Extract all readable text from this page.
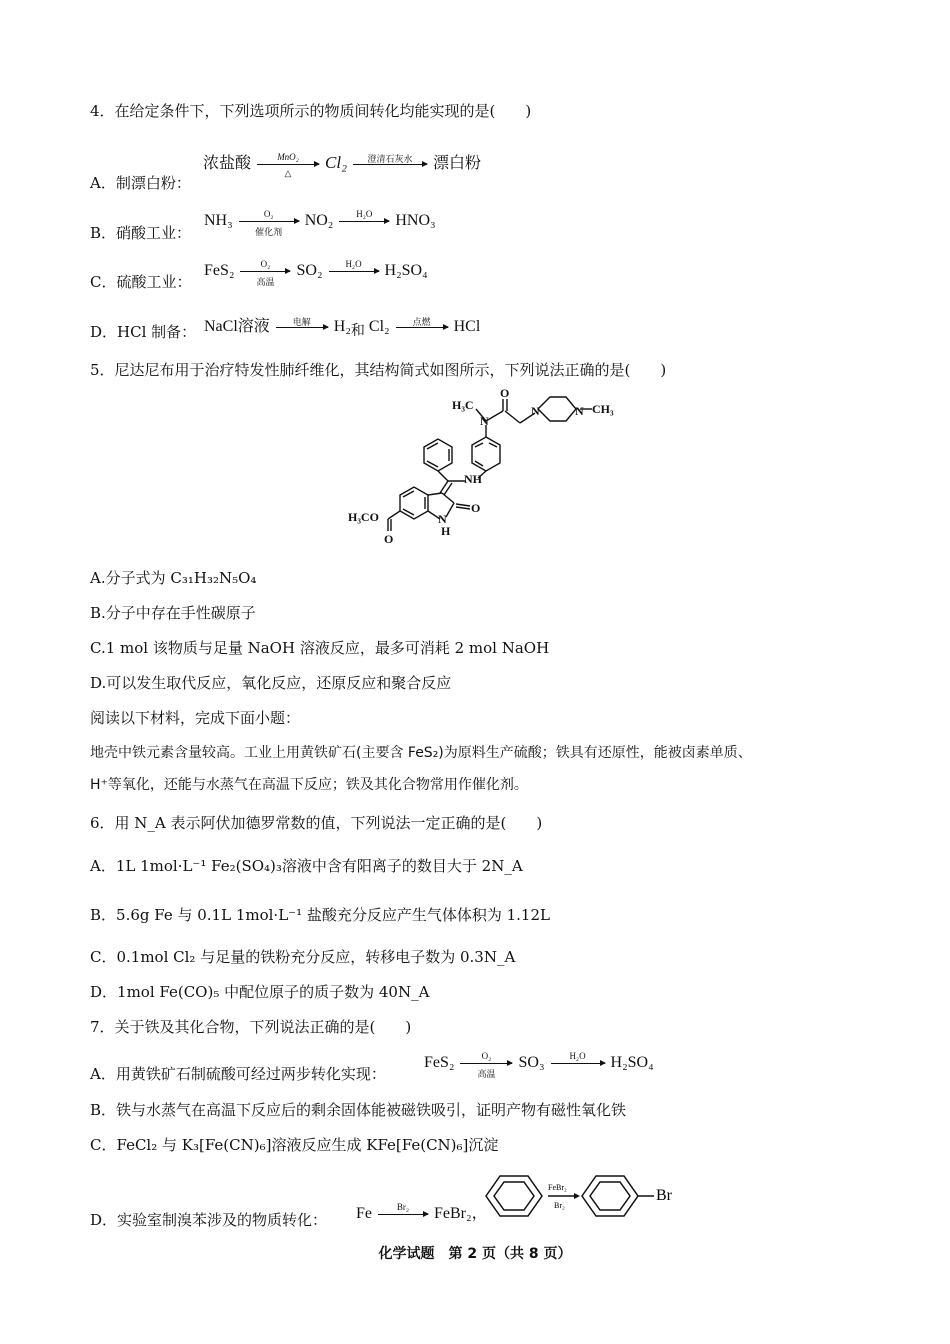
4．在给定条件下，下列选项所示的物质间转化均能实现的是(　　)
A．制漂白粉：
浓盐酸	MnO₂
△
Cl₂	澄清石灰水	漂白粉
B．硝酸工业：
NH₃	O₂
催化剂
NO₂	H₂O	HNO₃
C．硫酸工业：
FeS₂	O₂
高温
SO₂	H₂O	H₂SO₄
D．HCl 制备： NaCl溶液	电解	H₂和 Cl₂	点燃	HCl
5．尼达尼布用于治疗特发性肺纤维化，其结构简式如图所示，下列说法正确的是(　　)
H₃C
N
O
N	N CH₃
NH
H₃CO
O
N
H
O
A.分子式为 C₃₁H₃₂N₅O₄
B.分子中存在手性碳原子
C.1 mol 该物质与足量 NaOH 溶液反应，最多可消耗 2 mol NaOH
D.可以发生取代反应，氧化反应，还原反应和聚合反应
阅读以下材料，完成下面小题：
地壳中铁元素含量较高。工业上用黄铁矿石(主要含 FeS₂)为原料生产硫酸；铁具有还原性，能被卤素单质、
H⁺等氧化，还能与水蒸气在高温下反应；铁及其化合物常用作催化剂。
6．用 N_A 表示阿伏加德罗常数的值，下列说法一定正确的是(　　)
A．1L 1mol·L⁻¹ Fe₂(SO₄)₃溶液中含有阳离子的数目大于 2N_A
B．5.6g Fe 与 0.1L 1mol·L⁻¹ 盐酸充分反应产生气体体积为 1.12L
C．0.1mol Cl₂ 与足量的铁粉充分反应，转移电子数为 0.3N_A
D．1mol Fe(CO)₅ 中配位原子的质子数为 40N_A
7．关于铁及其化合物，下列说法正确的是(　　)
A．用黄铁矿石制硫酸可经过两步转化实现：
FeS₂	O₂
高温
SO₃	H₂O	H₂SO₄
B．铁与水蒸气在高温下反应后的剩余固体能被磁铁吸引，证明产物有磁性氧化铁
C．FeCl₂ 与 K₃[Fe(CN)₆]溶液反应生成 KFe[Fe(CN)₆]沉淀
D．实验室制溴苯涉及的物质转化： Fe	Br₂	FeBr₂，
FeBr₂
Br₂
Br
化学试题　第 2 页（共 8 页）
